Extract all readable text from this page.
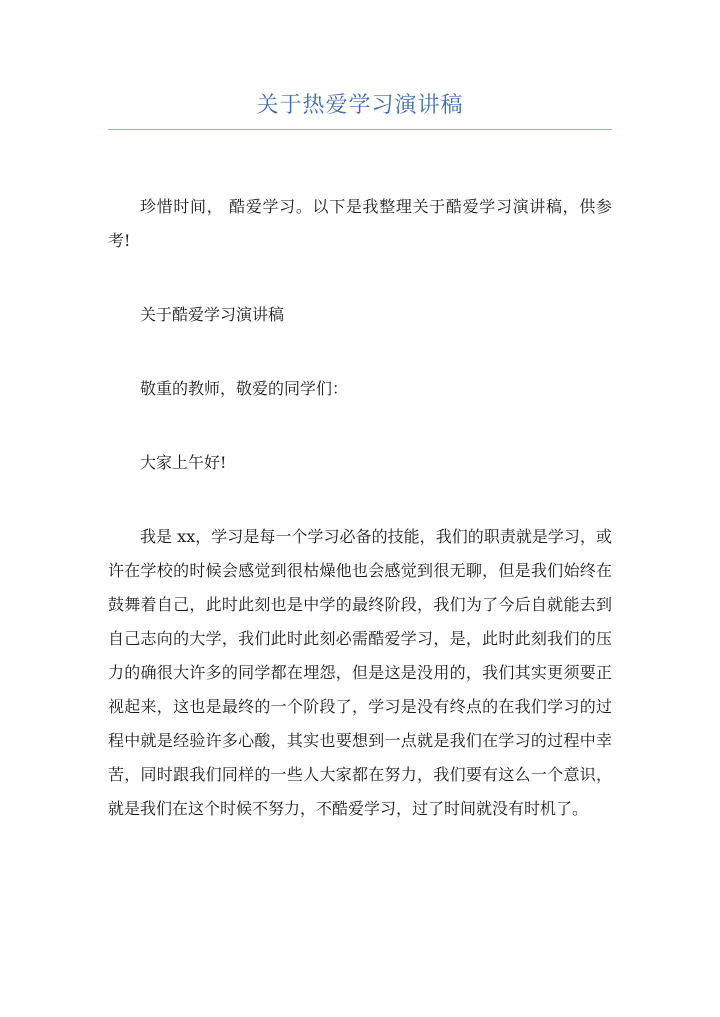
关于热爱学习演讲稿

珍惜时间， 酷爱学习。以下是我整理关于酷爱学习演讲稿，供参考!

关于酷爱学习演讲稿

敬重的教师，敬爱的同学们：

大家上午好!

我是 xx，学习是每一个学习必备的技能，我们的职责就是学习，或许在学校的时候会感觉到很枯燥他也会感觉到很无聊，但是我们始终在鼓舞着自己，此时此刻也是中学的最终阶段，我们为了今后自就能去到自己志向的大学，我们此时此刻必需酷爱学习，是，此时此刻我们的压力的确很大许多的同学都在埋怨，但是这是没用的，我们其实更须要正视起来，这也是最终的一个阶段了，学习是没有终点的在我们学习的过程中就是经验许多心酸，其实也要想到一点就是我们在学习的过程中幸苦，同时跟我们同样的一些人大家都在努力，我们要有这么一个意识，就是我们在这个时候不努力，不酷爱学习，过了时间就没有时机了。
